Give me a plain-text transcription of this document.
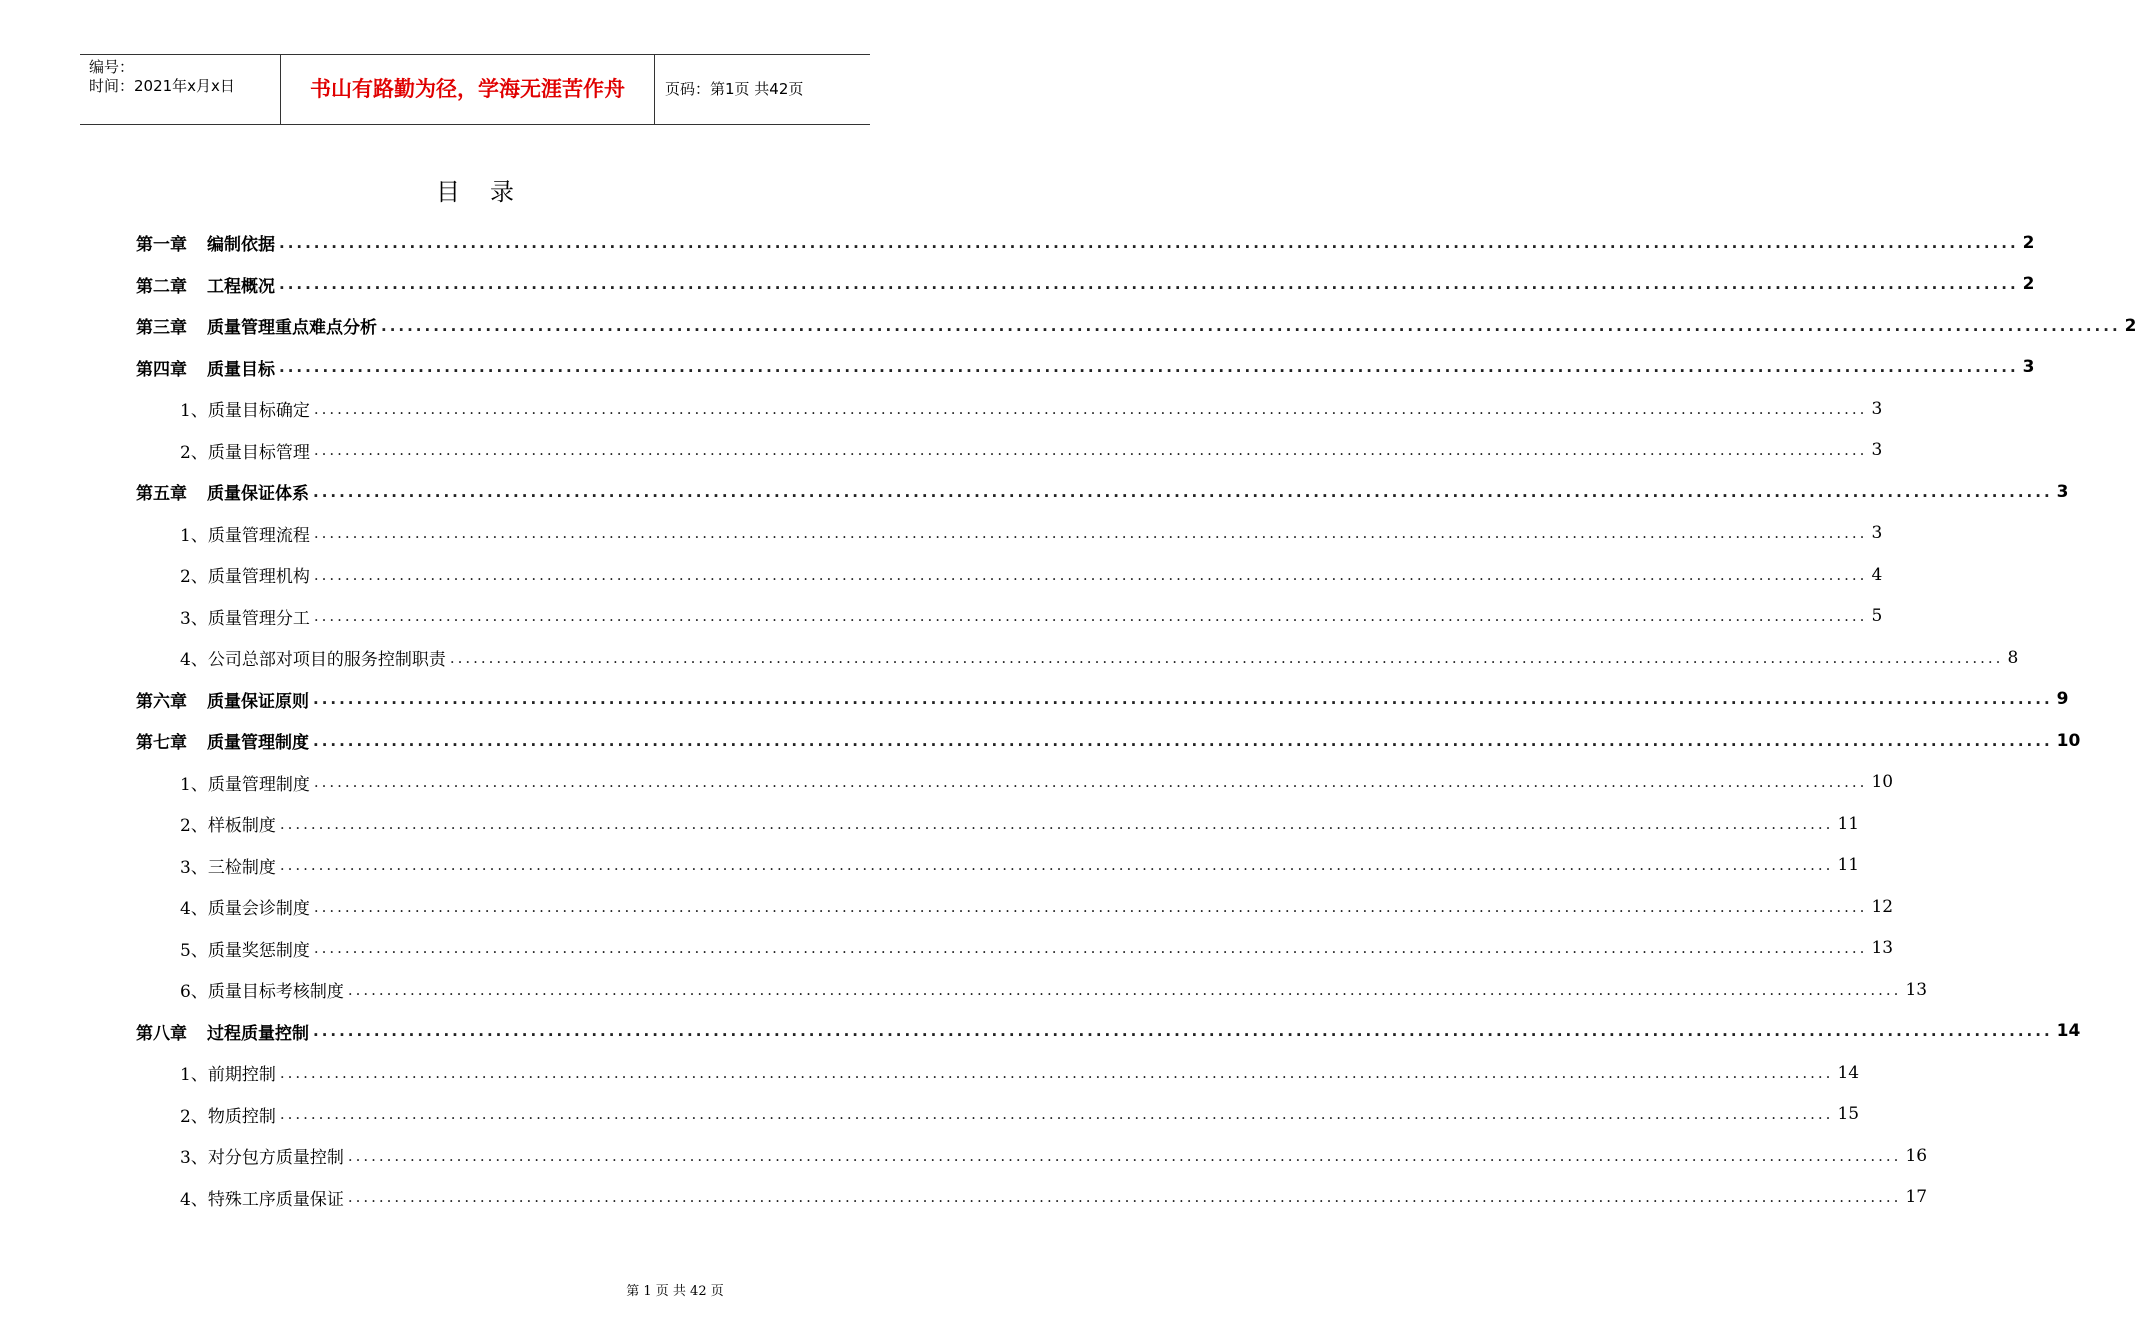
编号：
时间：2021年x月x日	书山有路勤为径，学海无涯苦作舟	页码：第1页 共42页
目录
第一章 编制依据 ........................................................................................................................................................................................................ 2
第二章 工程概况 ........................................................................................................................................................................................................ 2
第三章 质量管理重点难点分析 ........................................................................................................................................................................................................ 2
第四章 质量目标 ........................................................................................................................................................................................................ 3
1、质量目标确定 ........................................................................................................................................................................................................ 3
2、质量目标管理 ........................................................................................................................................................................................................ 3
第五章 质量保证体系 ........................................................................................................................................................................................................ 3
1、质量管理流程 ........................................................................................................................................................................................................ 3
2、质量管理机构 ........................................................................................................................................................................................................ 4
3、质量管理分工 ........................................................................................................................................................................................................ 5
4、公司总部对项目的服务控制职责 ........................................................................................................................................................................................................ 8
第六章 质量保证原则 ........................................................................................................................................................................................................ 9
第七章 质量管理制度 ........................................................................................................................................................................................................ 10
1、质量管理制度 ........................................................................................................................................................................................................ 10
2、样板制度 ........................................................................................................................................................................................................ 11
3、三检制度 ........................................................................................................................................................................................................ 11
4、质量会诊制度 ........................................................................................................................................................................................................ 12
5、质量奖惩制度 ........................................................................................................................................................................................................ 13
6、质量目标考核制度 ........................................................................................................................................................................................................ 13
第八章 过程质量控制 ........................................................................................................................................................................................................ 14
1、前期控制 ........................................................................................................................................................................................................ 14
2、物质控制 ........................................................................................................................................................................................................ 15
3、对分包方质量控制 ........................................................................................................................................................................................................ 16
4、特殊工序质量保证 ........................................................................................................................................................................................................ 17
第 1 页 共 42 页
